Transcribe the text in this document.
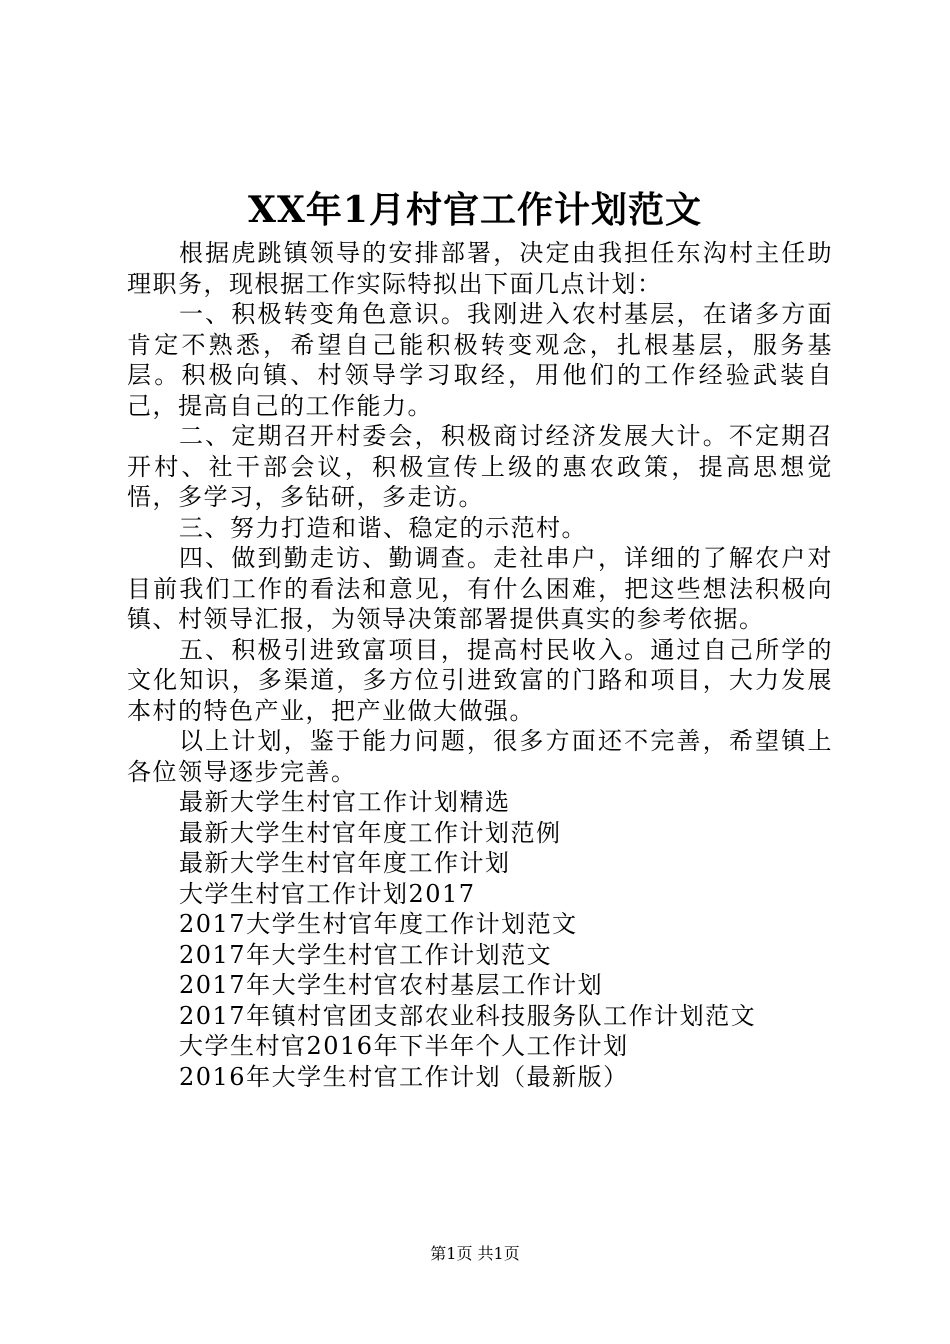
XX年1月村官工作计划范文

根据虎跳镇领导的安排部署，决定由我担任东沟村主任助理职务，现根据工作实际特拟出下面几点计划：

一、积极转变角色意识。我刚进入农村基层，在诸多方面肯定不熟悉，希望自己能积极转变观念，扎根基层，服务基层。积极向镇、村领导学习取经，用他们的工作经验武装自己，提高自己的工作能力。

二、定期召开村委会，积极商讨经济发展大计。不定期召开村、社干部会议，积极宣传上级的惠农政策，提高思想觉悟，多学习，多钻研，多走访。

三、努力打造和谐、稳定的示范村。

四、做到勤走访、勤调查。走社串户，详细的了解农户对目前我们工作的看法和意见，有什么困难，把这些想法积极向镇、村领导汇报，为领导决策部署提供真实的参考依据。

五、积极引进致富项目，提高村民收入。通过自己所学的文化知识，多渠道，多方位引进致富的门路和项目，大力发展本村的特色产业，把产业做大做强。

以上计划，鉴于能力问题，很多方面还不完善，希望镇上各位领导逐步完善。

最新大学生村官工作计划精选
最新大学生村官年度工作计划范例
最新大学生村官年度工作计划
大学生村官工作计划2017
2017大学生村官年度工作计划范文
2017年大学生村官工作计划范文
2017年大学生村官农村基层工作计划
2017年镇村官团支部农业科技服务队工作计划范文
大学生村官2016年下半年个人工作计划
2016年大学生村官工作计划（最新版）
第1页 共1页
